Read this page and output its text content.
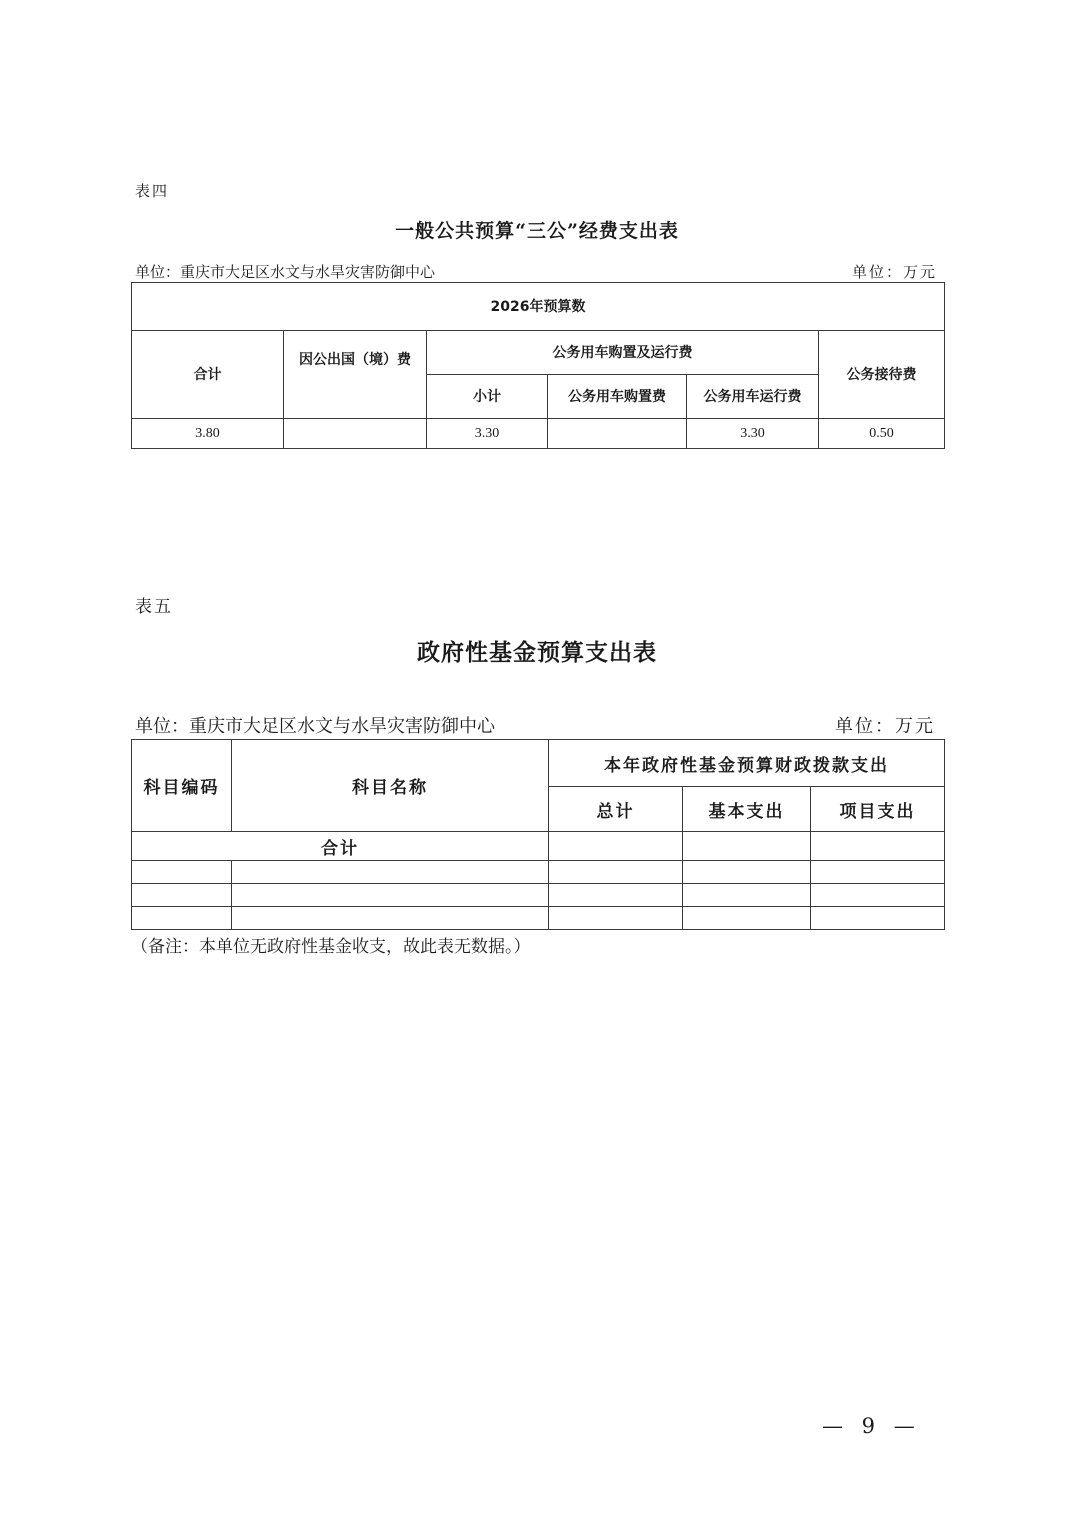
表四
一般公共预算“三公”经费支出表
单位：重庆市大足区水文与水旱灾害防御中心	单位：万元
2026年预算数					
合计	因公出国（境）费	公务用车购置及运行费			公务接待费
		小计	公务用车购置费	公务用车运行费	
3.80		3.30		3.30	0.50
表五
政府性基金预算支出表
单位：重庆市大足区水文与水旱灾害防御中心	单位：万元
科目编码	科目名称	本年政府性基金预算财政拨款支出		
		总计	基本支出	项目支出
合计				

（备注：本单位无政府性基金收支，故此表无数据。）
— 9 —
